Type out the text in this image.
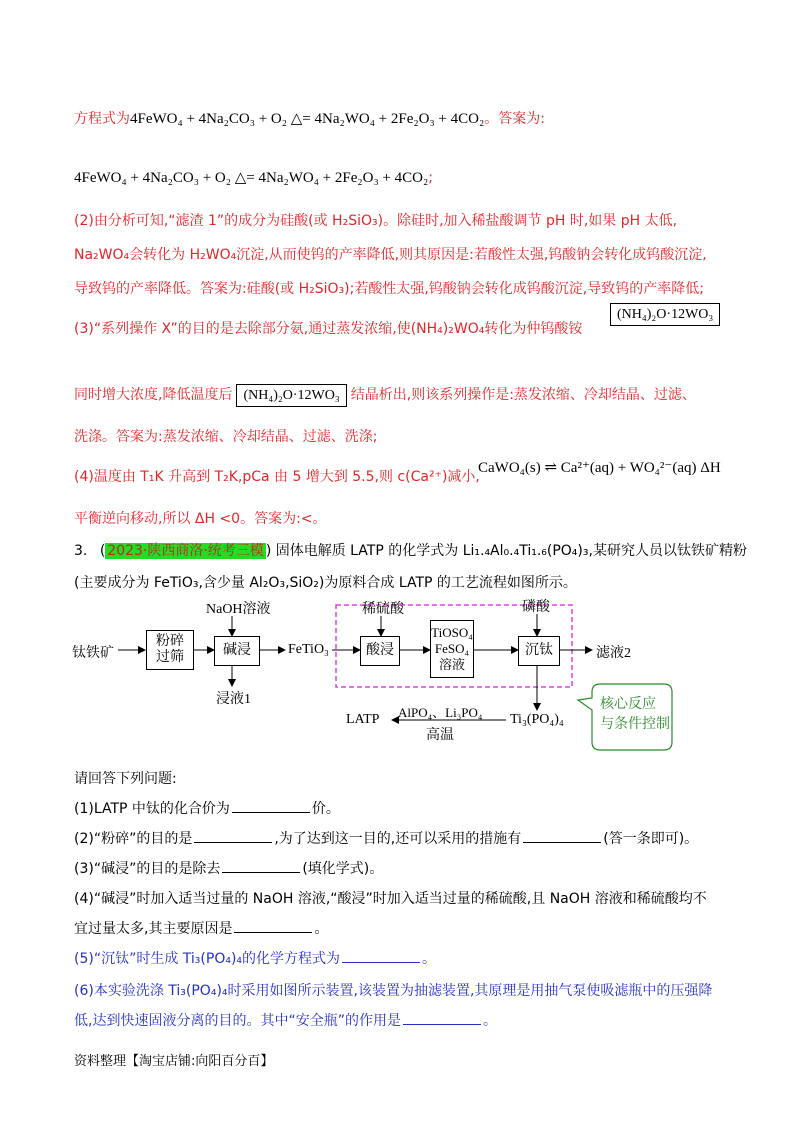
方程式为4FeWO₄ + 4Na₂CO₃ + O₂ △= 4Na₂WO₄ + 2Fe₂O₃ + 4CO₂。答案为:
4FeWO₄ + 4Na₂CO₃ + O₂ △= 4Na₂WO₄ + 2Fe₂O₃ + 4CO₂;
(2)由分析可知,“滤渣 1”的成分为硅酸(或 H₂SiO₃)。除硅时,加入稀盐酸调节 pH 时,如果 pH 太低,
Na₂WO₄会转化为 H₂WO₄沉淀,从而使钨的产率降低,则其原因是:若酸性太强,钨酸钠会转化成钨酸沉淀,
导致钨的产率降低。答案为:硅酸(或 H₂SiO₃);若酸性太强,钨酸钠会转化成钨酸沉淀,导致钨的产率降低;
(3)“系列操作 X”的目的是去除部分氨,通过蒸发浓缩,使(NH₄)₂WO₄转化为仲钨酸铵
(NH₄)₂O·12WO₃
同时增大浓度,降低温度后 (NH₄)₂O·12WO₃ 结晶析出,则该系列操作是:蒸发浓缩、冷却结晶、过滤、
洗涤。答案为:蒸发浓缩、冷却结晶、过滤、洗涤;
(4)温度由 T₁K 升高到 T₂K,pCa 由 5 增大到 5.5,则 c(Ca²⁺)减小,
CaWO₄(s) ⇌ Ca²⁺(aq) + WO₄²⁻(aq) ΔH
平衡逆向移动,所以 ΔH <0。答案为:<。
3. ( 2023·陕西商洛·统考三模 ) 固体电解质 LATP 的化学式为 Li₁.₄Al₀.₄Ti₁.₆(PO₄)₃,某研究人员以钛铁矿精粉
(主要成分为 FeTiO₃,含少量 Al₂O₃,SiO₂)为原料合成 LATP 的工艺流程如图所示。
钛铁矿
粉碎
过筛
NaOH溶液
碱浸
浸液1
FeTiO₃
稀硫酸
酸浸
TiOSO₄
FeSO₄
溶液
磷酸
沉钛	滤液2
Ti₃(PO₄)₄
AlPO₄、Li₃PO₄
高温
LATP
核心反应
与条件控制
请回答下列问题:
(1)LATP 中钛的化合价为	价。
(2)“粉碎”的目的是	,为了达到这一目的,还可以采用的措施有	(答一条即可)。
(3)“碱浸”的目的是除去	(填化学式)。
(4)“碱浸”时加入适当过量的 NaOH 溶液,“酸浸”时加入适当过量的稀硫酸,且 NaOH 溶液和稀硫酸均不
宜过量太多,其主要原因是	。
(5)“沉钛”时生成 Ti₃(PO₄)₄的化学方程式为	。
(6)本实验洗涤 Ti₃(PO₄)₄时采用如图所示装置,该装置为抽滤装置,其原理是用抽气泵使吸滤瓶中的压强降
低,达到快速固液分离的目的。其中“安全瓶”的作用是	。
资料整理【淘宝店铺:向阳百分百】
